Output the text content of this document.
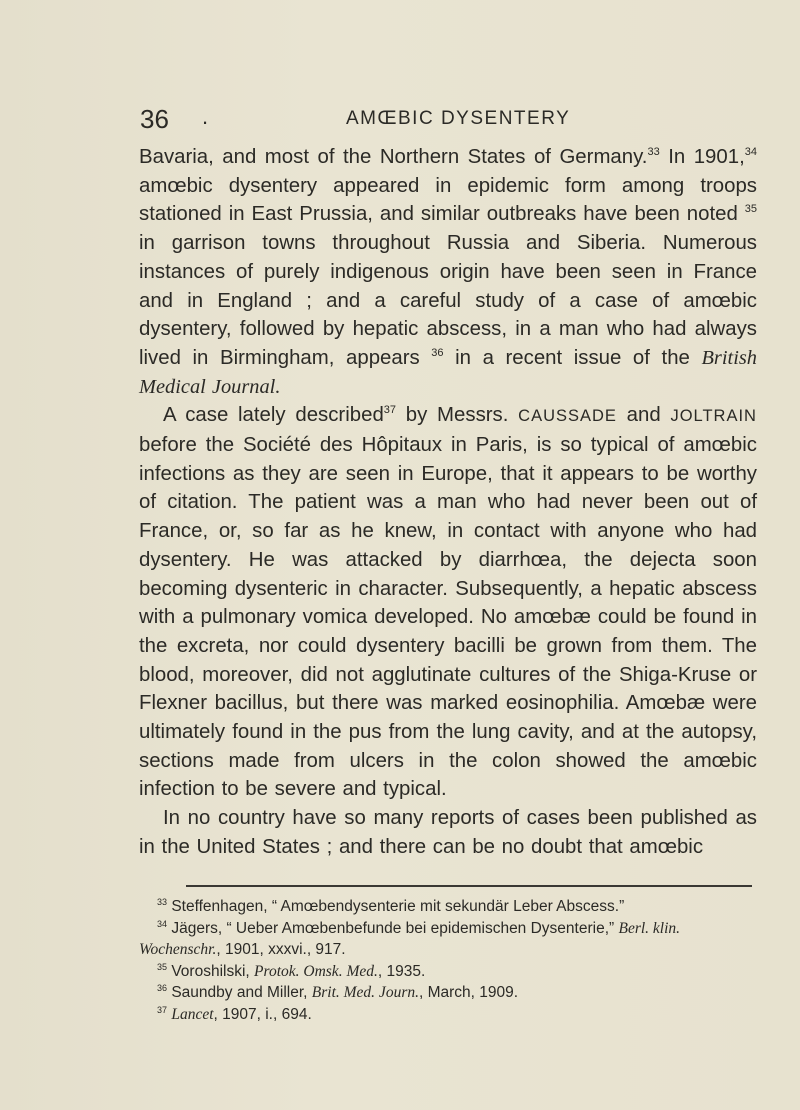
36 .	AMŒBIC DYSENTERY

Bavaria, and most of the Northern States of Germany.$^{33}$ In 1901,34 amœbic dysentery appeared in epidemic form among troops stationed in East Prussia, and similar outbreaks have been noted $^{35}$ in garrison towns throughout Russia and Siberia. Numerous instances of purely indigenous origin have been seen in France and in England ; and a careful study of a case of amœbic dysentery, followed by hepatic abscess, in a man who had always lived in Birmingham, appears $^{36}$ in a recent issue of the British Medical Journal.

A case lately described$^{37}$ by Messrs. CAUSSADE and JOLTRAIN before the Société des Hôpitaux in Paris, is so typical of amœbic infections as they are seen in Europe, that it appears to be worthy of citation. The patient was a man who had never been out of France, or, so far as he knew, in contact with anyone who had dysentery. He was attacked by diarrhœa, the dejecta soon becoming dysenteric in character. Subsequently, a hepatic abscess with a pulmonary vomica developed. No amœbæ could be found in the excreta, nor could dysentery bacilli be grown from them. The blood, moreover, did not agglutinate cultures of the Shiga-Kruse or Flexner bacillus, but there was marked eosinophilia. Amœbæ were ultimately found in the pus from the lung cavity, and at the autopsy, sections made from ulcers in the colon showed the amœbic infection to be severe and typical.

In no country have so many reports of cases been published as in the United States ; and there can be no doubt that amœbic

$^{33}$ Steffenhagen, “ Amœbendysenterie mit sekundär Leber Abscess.”

$^{34}$ Jägers, “ Ueber Amœbenbefunde bei epidemischen Dysenterie,” Berl. klin. Wochenschr., 1901, xxxvi., 917.

$^{35}$ Voroshilski, Protok. Omsk. Med., 1935.

$^{36}$ Saundby and Miller, Brit. Med. Journ., March, 1909.

$^{37}$ Lancet, 1907, i., 694.
